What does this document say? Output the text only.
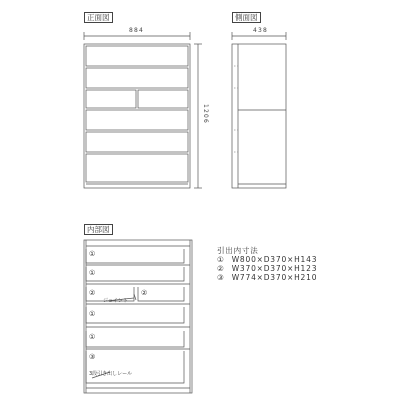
正面図	側面図
内部図
884	438
1206
①
①
②	②
①
①
③
ジョイント
3段引き出しレール
引出内寸法
① W800×D370×H143
② W370×D370×H123
③ W774×D370×H210
